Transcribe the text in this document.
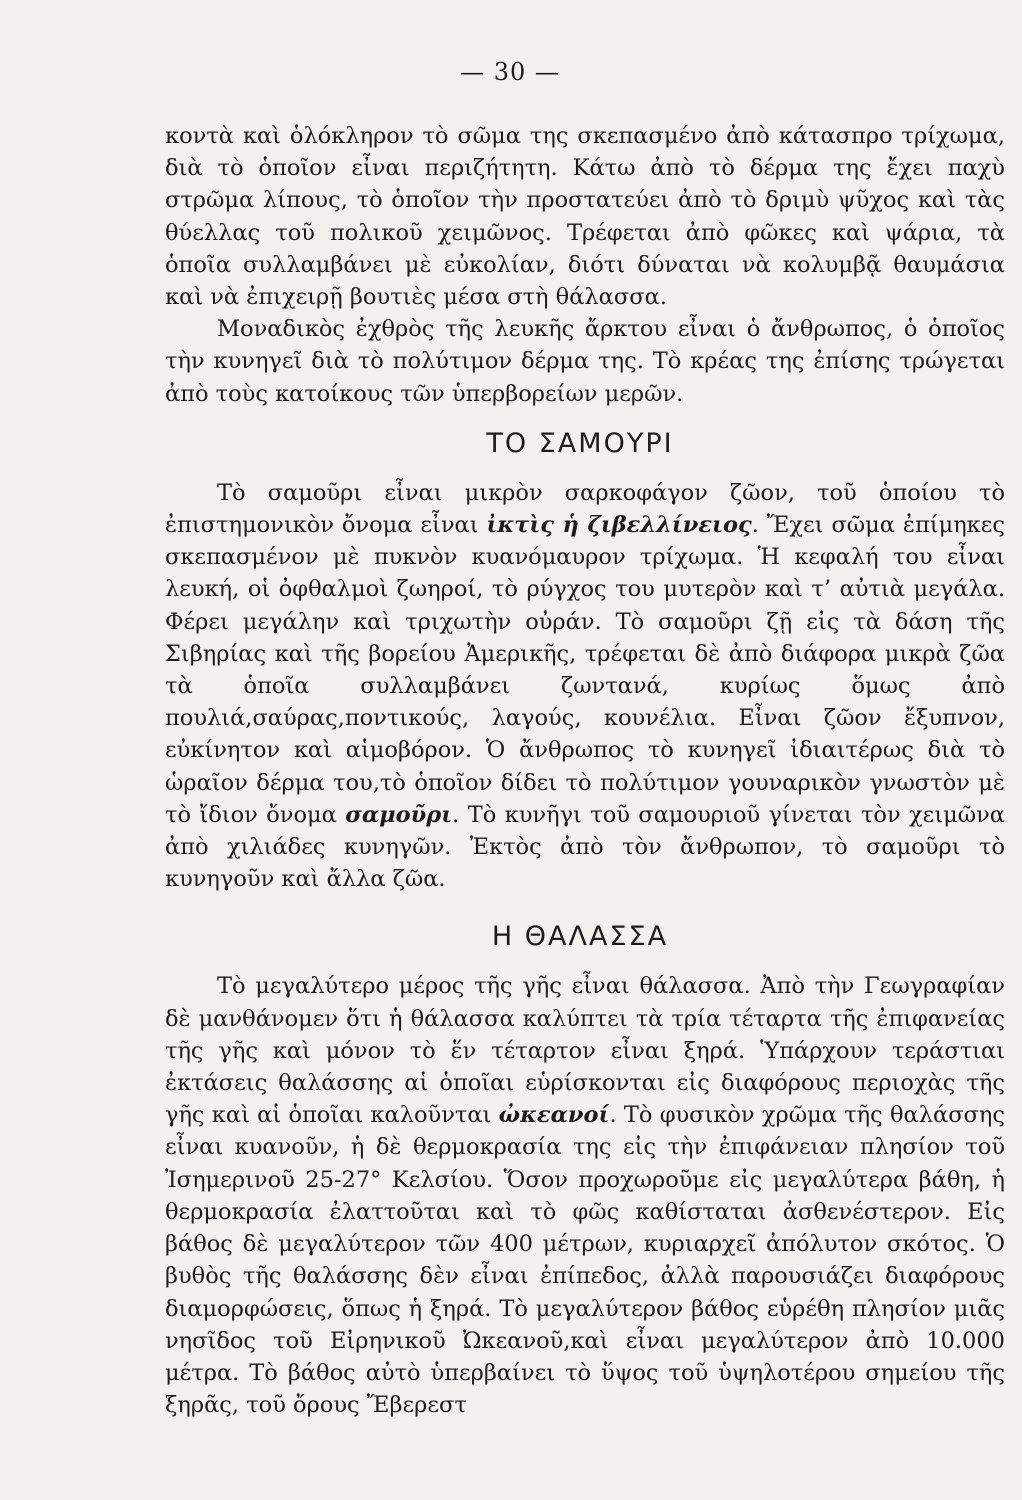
— 30 —

κοντὰ καὶ ὁλόκληρον τὸ σῶμα της σκεπασμένο ἀπὸ κάτασπρο τρίχωμα, διὰ τὸ ὁποῖον εἶναι περιζήτητη. Κάτω ἀπὸ τὸ δέρμα της ἔχει παχὺ στρῶμα λίπους, τὸ ὁποῖον τὴν προστατεύει ἀπὸ τὸ δριμὺ ψῦχος καὶ τὰς θύελλας τοῦ πολικοῦ χειμῶνος. Τρέφεται ἀπὸ φῶκες καὶ ψάρια, τὰ ὁποῖα συλλαμβάνει μὲ εὐκολίαν, διότι δύναται νὰ κολυμβᾷ θαυμάσια καὶ νὰ ἐπιχειρῇ βουτιὲς μέσα στὴ θάλασσα.

Μοναδικὸς ἐχθρὸς τῆς λευκῆς ἄρκτου εἶναι ὁ ἄνθρωπος, ὁ ὁποῖος τὴν κυνηγεῖ διὰ τὸ πολύτιμον δέρμα της. Τὸ κρέας της ἐπίσης τρώγεται ἀπὸ τοὺς κατοίκους τῶν ὑπερβορείων μερῶν.

ΤΟ ΣΑΜΟΥΡΙ

Τὸ σαμοῦρι εἶναι μικρὸν σαρκοφάγον ζῶον, τοῦ ὁποίου τὸ ἐπιστημονικὸν ὄνομα εἶναι ἰκτὶς ἡ ζιβελλίνειος. Ἔχει σῶμα ἐπίμηκες σκεπασμένον μὲ πυκνὸν κυανόμαυρον τρίχωμα. Ἡ κεφαλή του εἶναι λευκή, οἱ ὀφθαλμοὶ ζωηροί, τὸ ρύγχος του μυτερὸν καὶ τ’ αὐτιὰ μεγάλα. Φέρει μεγάλην καὶ τριχωτὴν οὐράν. Τὸ σαμοῦρι ζῇ εἰς τὰ δάση τῆς Σιβηρίας καὶ τῆς βορείου Ἀμερικῆς, τρέφεται δὲ ἀπὸ διάφορα μικρὰ ζῶα τὰ ὁποῖα συλλαμβάνει ζωντανά, κυρίως ὅμως ἀπὸ πουλιά,σαύρας,ποντικούς, λαγούς, κουνέλια. Εἶναι ζῶον ἔξυπνον, εὐκίνητον καὶ αἱμοβόρον. Ὁ ἄνθρωπος τὸ κυνηγεῖ ἰδιαιτέρως διὰ τὸ ὡραῖον δέρμα του,τὸ ὁποῖον δίδει τὸ πολύτιμον γουναρικὸν γνωστὸν μὲ τὸ ἴδιον ὄνομα σαμοῦρι. Τὸ κυνῆγι τοῦ σαμουριοῦ γίνεται τὸν χειμῶνα ἀπὸ χιλιάδες κυνηγῶν. Ἐκτὸς ἀπὸ τὸν ἄνθρωπον, τὸ σαμοῦρι τὸ κυνηγοῦν καὶ ἄλλα ζῶα.

Η ΘΑΛΑΣΣΑ

Τὸ μεγαλύτερο μέρος τῆς γῆς εἶναι θάλασσα. Ἀπὸ τὴν Γεωγραφίαν δὲ μανθάνομεν ὅτι ἡ θάλασσα καλύπτει τὰ τρία τέταρτα τῆς ἐπιφανείας τῆς γῆς καὶ μόνον τὸ ἕν τέταρτον εἶναι ξηρά. Ὑπάρχουν τεράστιαι ἐκτάσεις θαλάσσης αἱ ὁποῖαι εὑρίσκονται εἰς διαφόρους περιοχὰς τῆς γῆς καὶ αἱ ὁποῖαι καλοῦνται ὠκεανοί. Τὸ φυσικὸν χρῶμα τῆς θαλάσσης εἶναι κυανοῦν, ἡ δὲ θερμοκρασία της εἰς τὴν ἐπιφάνειαν πλησίον τοῦ Ἰσημερινοῦ 25-27° Κελσίου. Ὅσον προχωροῦμε εἰς μεγαλύτερα βάθη, ἡ θερμοκρασία ἐλαττοῦται καὶ τὸ φῶς καθίσταται ἀσθενέστερον. Εἰς βάθος δὲ μεγαλύτερον τῶν 400 μέτρων, κυριαρχεῖ ἀπόλυτον σκότος. Ὁ βυθὸς τῆς θαλάσσης δὲν εἶναι ἐπίπεδος, ἀλλὰ παρουσιάζει διαφόρους διαμορφώσεις, ὅπως ἡ ξηρά. Τὸ μεγαλύτερον βάθος εὑρέθη πλησίον μιᾶς νησῖδος τοῦ Εἰρηνικοῦ Ὠκεανοῦ,καὶ εἶναι μεγαλύτερον ἀπὸ 10.000 μέτρα. Τὸ βάθος αὐτὸ ὑπερβαίνει τὸ ὕψος τοῦ ὑψηλοτέρου σημείου τῆς ξηρᾶς, τοῦ ὄρους Ἔβερεστ
